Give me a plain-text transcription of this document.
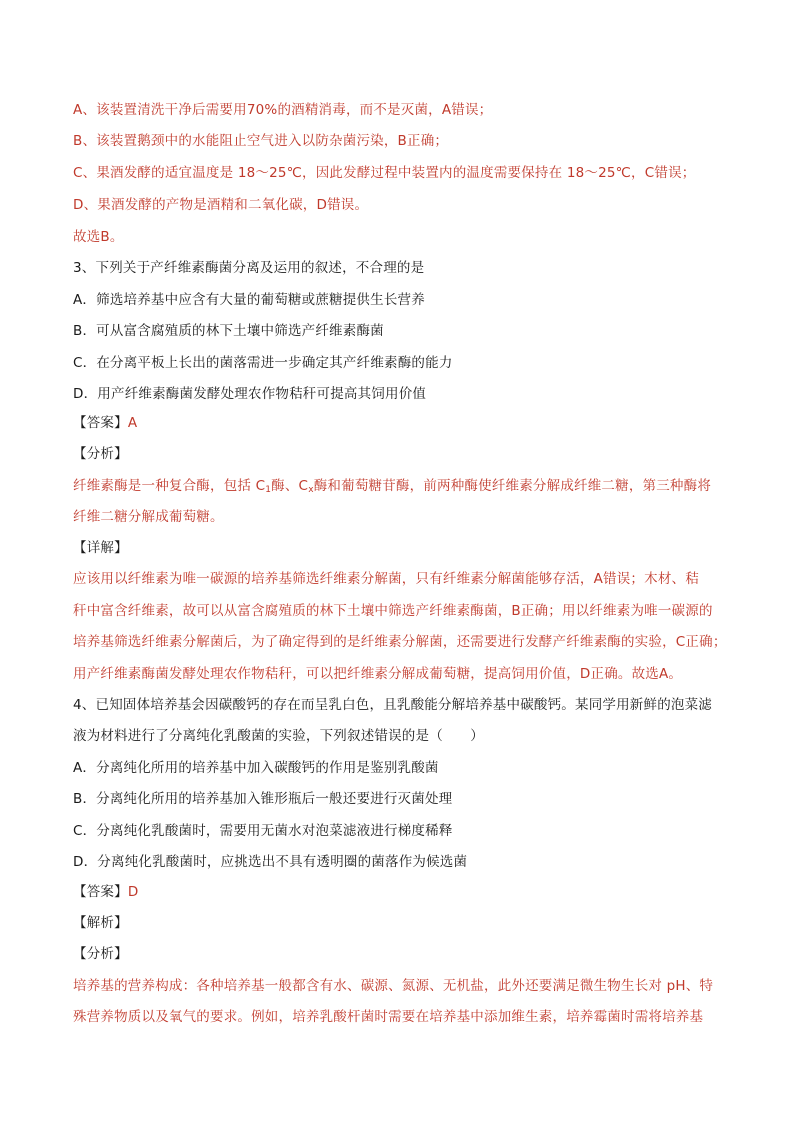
A、该装置清洗干净后需要用70%的酒精消毒，而不是灭菌，A错误；
B、该装置鹅颈中的水能阻止空气进入以防杂菌污染，B正确；
C、果酒发酵的适宜温度是 18～25℃，因此发酵过程中装置内的温度需要保持在 18～25℃，C错误；
D、果酒发酵的产物是酒精和二氧化碳，D错误。
故选B。
3、下列关于产纤维素酶菌分离及运用的叙述，不合理的是
A．筛选培养基中应含有大量的葡萄糖或蔗糖提供生长营养
B．可从富含腐殖质的林下土壤中筛选产纤维素酶菌
C．在分离平板上长出的菌落需进一步确定其产纤维素酶的能力
D．用产纤维素酶菌发酵处理农作物秸秆可提高其饲用价值
【答案】A
【分析】
纤维素酶是一种复合酶，包括 $C_1$酶、$C_x$酶和葡萄糖苷酶，前两种酶使纤维素分解成纤维二糖，第三种酶将
纤维二糖分解成葡萄糖。
【详解】
应该用以纤维素为唯一碳源的培养基筛选纤维素分解菌，只有纤维素分解菌能够存活，A错误；木材、秸
秆中富含纤维素，故可以从富含腐殖质的林下土壤中筛选产纤维素酶菌，B正确；用以纤维素为唯一碳源的
培养基筛选纤维素分解菌后，为了确定得到的是纤维素分解菌，还需要进行发酵产纤维素酶的实验，C正确；
用产纤维素酶菌发酵处理农作物秸秆，可以把纤维素分解成葡萄糖，提高饲用价值，D正确。故选A。
4、已知固体培养基会因碳酸钙的存在而呈乳白色，且乳酸能分解培养基中碳酸钙。某同学用新鲜的泡菜滤
液为材料进行了分离纯化乳酸菌的实验，下列叙述错误的是（　　）
A．分离纯化所用的培养基中加入碳酸钙的作用是鉴别乳酸菌
B．分离纯化所用的培养基加入锥形瓶后一般还要进行灭菌处理
C．分离纯化乳酸菌时，需要用无菌水对泡菜滤液进行梯度稀释
D．分离纯化乳酸菌时，应挑选出不具有透明圈的菌落作为候选菌
【答案】D
【解析】
【分析】
培养基的营养构成：各种培养基一般都含有水、碳源、氮源、无机盐，此外还要满足微生物生长对 pH、特
殊营养物质以及氧气的要求。例如，培养乳酸杆菌时需要在培养基中添加维生素，培养霉菌时需将培养基
